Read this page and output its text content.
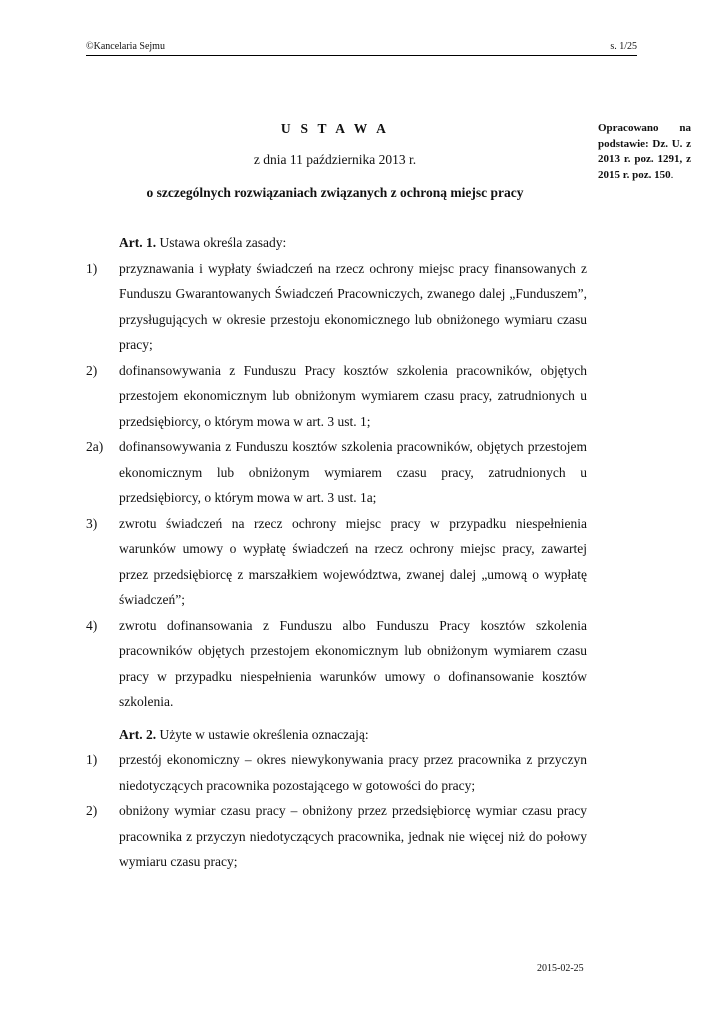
©Kancelaria Sejmu	s. 1/25
U S T A W A
z dnia 11 października 2013 r.
o szczególnych rozwiązaniach związanych z ochroną miejsc pracy
Opracowano na podstawie: Dz. U. z 2013 r. poz. 1291, z 2015 r. poz. 150.

Art. 1. Ustawa określa zasady:

1)	przyznawania i wypłaty świadczeń na rzecz ochrony miejsc pracy finansowanych z Funduszu Gwarantowanych Świadczeń Pracowniczych, zwanego dalej „Funduszem”, przysługujących w okresie przestoju ekonomicznego lub obniżonego wymiaru czasu pracy;
2)	dofinansowywania z Funduszu Pracy kosztów szkolenia pracowników, objętych przestojem ekonomicznym lub obniżonym wymiarem czasu pracy, zatrudnionych u przedsiębiorcy, o którym mowa w art. 3 ust. 1;
2a)	dofinansowywania z Funduszu kosztów szkolenia pracowników, objętych przestojem ekonomicznym lub obniżonym wymiarem czasu pracy, zatrudnionych u przedsiębiorcy, o którym mowa w art. 3 ust. 1a;
3)	zwrotu świadczeń na rzecz ochrony miejsc pracy w przypadku niespełnienia warunków umowy o wypłatę świadczeń na rzecz ochrony miejsc pracy, zawartej przez przedsiębiorcę z marszałkiem województwa, zwanej dalej „umową o wypłatę świadczeń”;
4)	zwrotu dofinansowania z Funduszu albo Funduszu Pracy kosztów szkolenia pracowników objętych przestojem ekonomicznym lub obniżonym wymiarem czasu pracy w przypadku niespełnienia warunków umowy o dofinansowanie kosztów szkolenia.

Art. 2. Użyte w ustawie określenia oznaczają:

1)	przestój ekonomiczny – okres niewykonywania pracy przez pracownika z przyczyn niedotyczących pracownika pozostającego w gotowości do pracy;
2)	obniżony wymiar czasu pracy – obniżony przez przedsiębiorcę wymiar czasu pracy pracownika z przyczyn niedotyczących pracownika, jednak nie więcej niż do połowy wymiaru czasu pracy;
2015-02-25
